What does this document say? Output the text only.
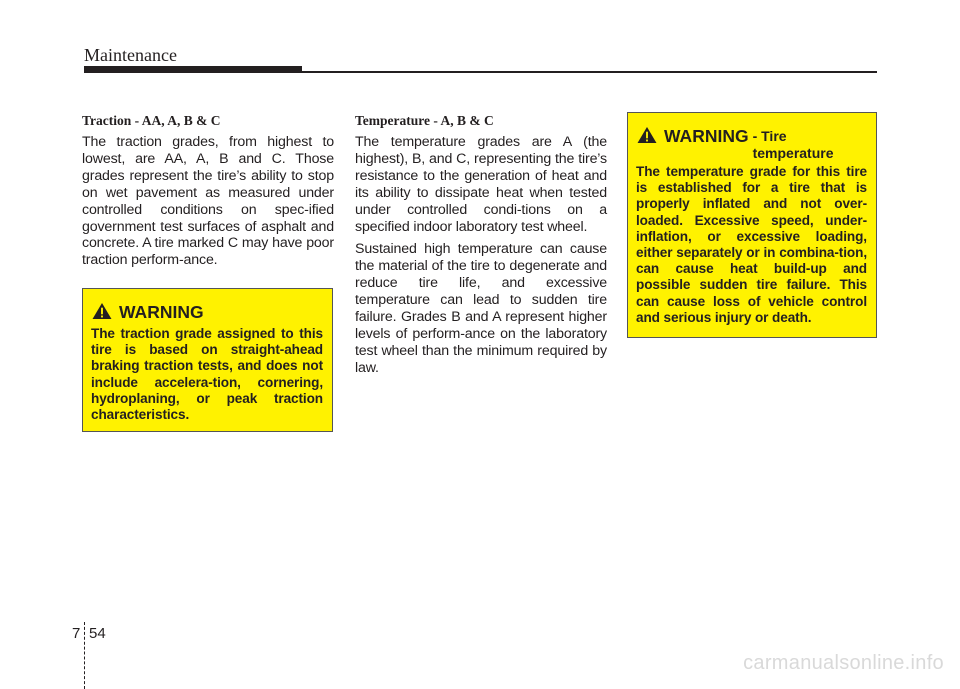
Maintenance
Traction - AA, A, B & C

The traction grades, from highest to lowest, are AA, A, B and C. Those grades represent the tire’s ability to stop on wet pavement as measured under controlled conditions on spec-ified government test surfaces of asphalt and concrete. A tire marked C may have poor traction perform-ance.

WARNING
The traction grade assigned to this tire is based on straight-ahead braking traction tests, and does not include accelera-tion, cornering, hydroplaning, or peak traction characteristics.
Temperature - A, B & C

The temperature grades are A (the highest), B, and C, representing the tire’s resistance to the generation of heat and its ability to dissipate heat when tested under controlled condi-tions on a specified indoor laboratory test wheel.

Sustained high temperature can cause the material of the tire to degenerate and reduce tire life, and excessive temperature can lead to sudden tire failure. Grades B and A represent higher levels of perform-ance on the laboratory test wheel than the minimum required by law.

WARNING - Tire temperature
The temperature grade for this tire is established for a tire that is properly inflated and not over-loaded. Excessive speed, under-inflation, or excessive loading, either separately or in combina-tion, can cause heat build-up and possible sudden tire failure. This can cause loss of vehicle control and serious injury or death.
7 54
carmanualsonline.info
